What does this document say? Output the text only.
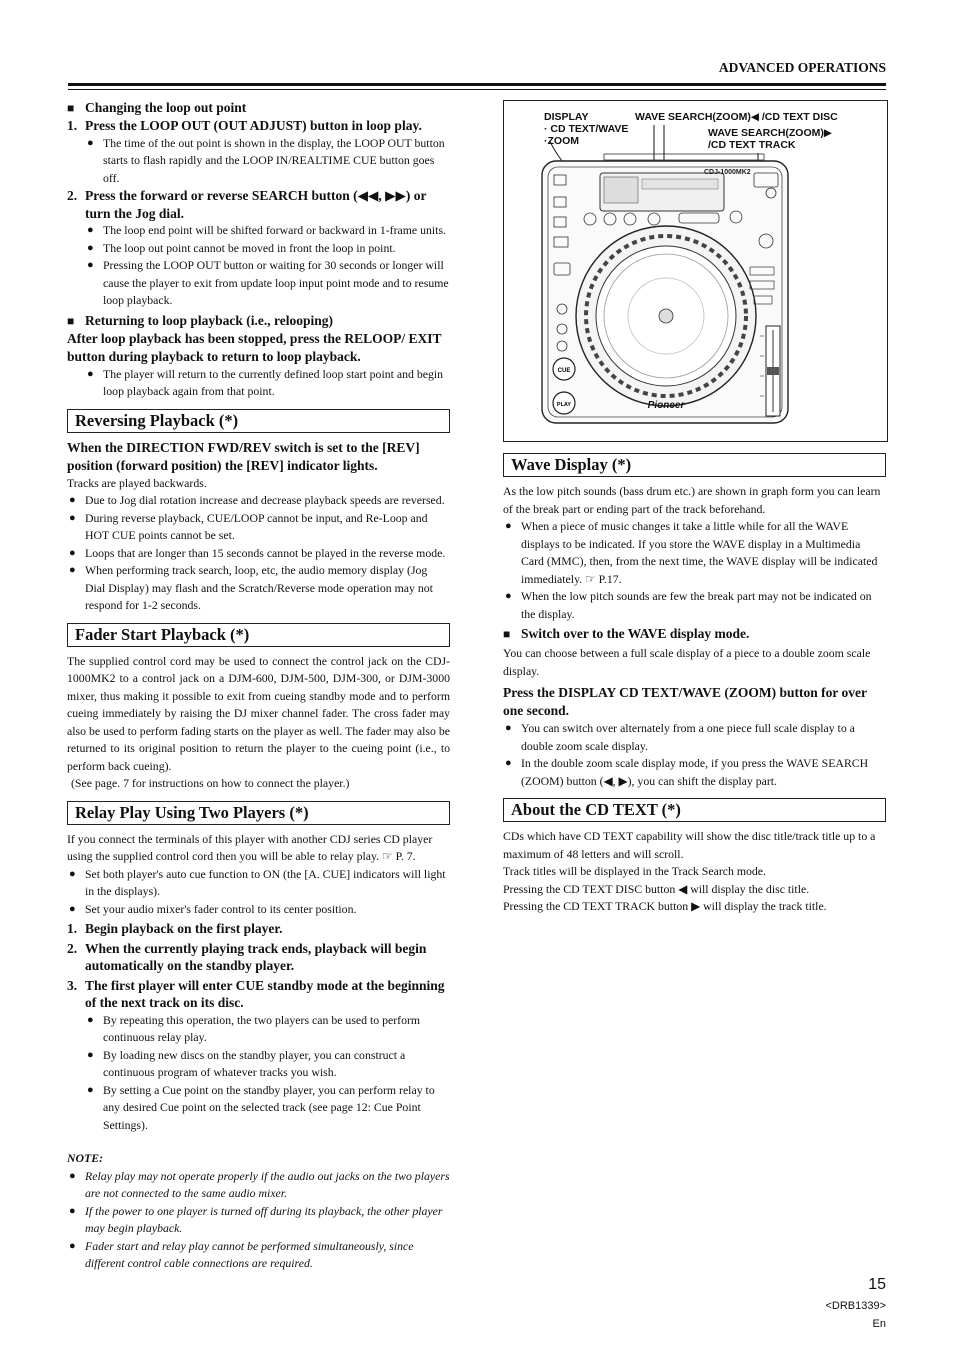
ADVANCED OPERATIONS

■ Changing the loop out point

1. Press the LOOP OUT (OUT ADJUST) button in loop play.

● The time of the out point is shown in the display, the LOOP OUT button starts to flash rapidly and the LOOP IN/REALTIME CUE button goes off.

2. Press the forward or reverse SEARCH button (◀◀, ▶▶) or turn the Jog dial.

● The loop end point will be shifted forward or backward in 1-frame units.
● The loop out point cannot be moved in front the loop in point.
● Pressing the LOOP OUT button or waiting for 30 seconds or longer will cause the player to exit from update loop input point mode and to resume loop playback.

■ Returning to loop playback (i.e., relooping)

After loop playback has been stopped, press the RELOOP/ EXIT button during playback to return to loop playback.

● The player will return to the currently defined loop start point and begin loop playback again from that point.
Reversing Playback (*)

When the DIRECTION FWD/REV switch is set to the [REV] position (forward position) the [REV] indicator lights.

Tracks are played backwards.

● Due to Jog dial rotation increase and decrease playback speeds are reversed.
● During reverse playback, CUE/LOOP cannot be input, and Re-Loop and HOT CUE points cannot be set.
● Loops that are longer than 15 seconds cannot be played in the reverse mode.
● When performing track search, loop, etc, the audio memory display (Jog Dial Display) may flash and the Scratch/Reverse mode operation may not respond for 1-2 seconds.
Fader Start Playback (*)

The supplied control cord may be used to connect the control jack on the CDJ-1000MK2 to a control jack on a DJM-600, DJM-500, DJM-300, or DJM-3000 mixer, thus making it possible to exit from cueing standby mode and to perform cueing immediately by raising the DJ mixer channel fader. The cross fader may also be used to perform fading starts on the player as well. The fader may also be returned to its original position to return the player to the cueing point (i.e., to perform back cueing).

(See page. 7 for instructions on how to connect the player.)

Relay Play Using Two Players (*)

If you connect the terminals of this player with another CDJ series CD player using the supplied control cord then you will be able to relay play. ☞ P. 7.

● Set both player's auto cue function to ON (the [A. CUE] indicators will light in the displays).
● Set your audio mixer's fader control to its center position.

1. Begin playback on the first player.

2. When the currently playing track ends, playback will begin automatically on the standby player.

3. The first player will enter CUE standby mode at the beginning of the next track on its disc.

● By repeating this operation, the two players can be used to perform continuous relay play.
● By loading new discs on the standby player, you can construct a continuous program of whatever tracks you wish.
● By setting a Cue point on the standby player, you can perform relay to any desired Cue point on the selected track (see page 12: Cue Point Settings).

NOTE:

● Relay play may not operate properly if the audio out jacks on the two players are not connected to the same audio mixer.
● If the power to one player is turned off during its playback, the other player may begin playback.
● Fader start and relay play cannot be performed simultaneously, since different control cable connections are required.
DISPLAY
· CD TEXT/WAVE
·ZOOM
WAVE SEARCH(ZOOM)◀ /CD TEXT DISC
WAVE SEARCH(ZOOM)▶
/CD TEXT TRACK
CDJ-1000MK2
CUE
PLAY	Pioneer
Wave Display (*)

As the low pitch sounds (bass drum etc.) are shown in graph form you can learn of the break part or ending part of the track beforehand.

● When a piece of music changes it take a little while for all the WAVE displays to be indicated. If you store the WAVE display in a Multimedia Card (MMC), then, from the next time, the WAVE display will be indicated immediately. ☞ P.17.
● When the low pitch sounds are few the break part may not be indicated on the display.

■ Switch over to the WAVE display mode.

You can choose between a full scale display of a piece to a double zoom scale display.

Press the DISPLAY CD TEXT/WAVE (ZOOM) button for over one second.

● You can switch over alternately from a one piece full scale display to a double zoom scale display.
● In the double zoom scale display mode, if you press the WAVE SEARCH (ZOOM) button (◀, ▶), you can shift the display part.
About the CD TEXT (*)

CDs which have CD TEXT capability will show the disc title/track title up to a maximum of 48 letters and will scroll.

Track titles will be displayed in the Track Search mode.

Pressing the CD TEXT DISC button ◀ will display the disc title.

Pressing the CD TEXT TRACK button ▶ will display the track title.

15
<DRB1339>
En
